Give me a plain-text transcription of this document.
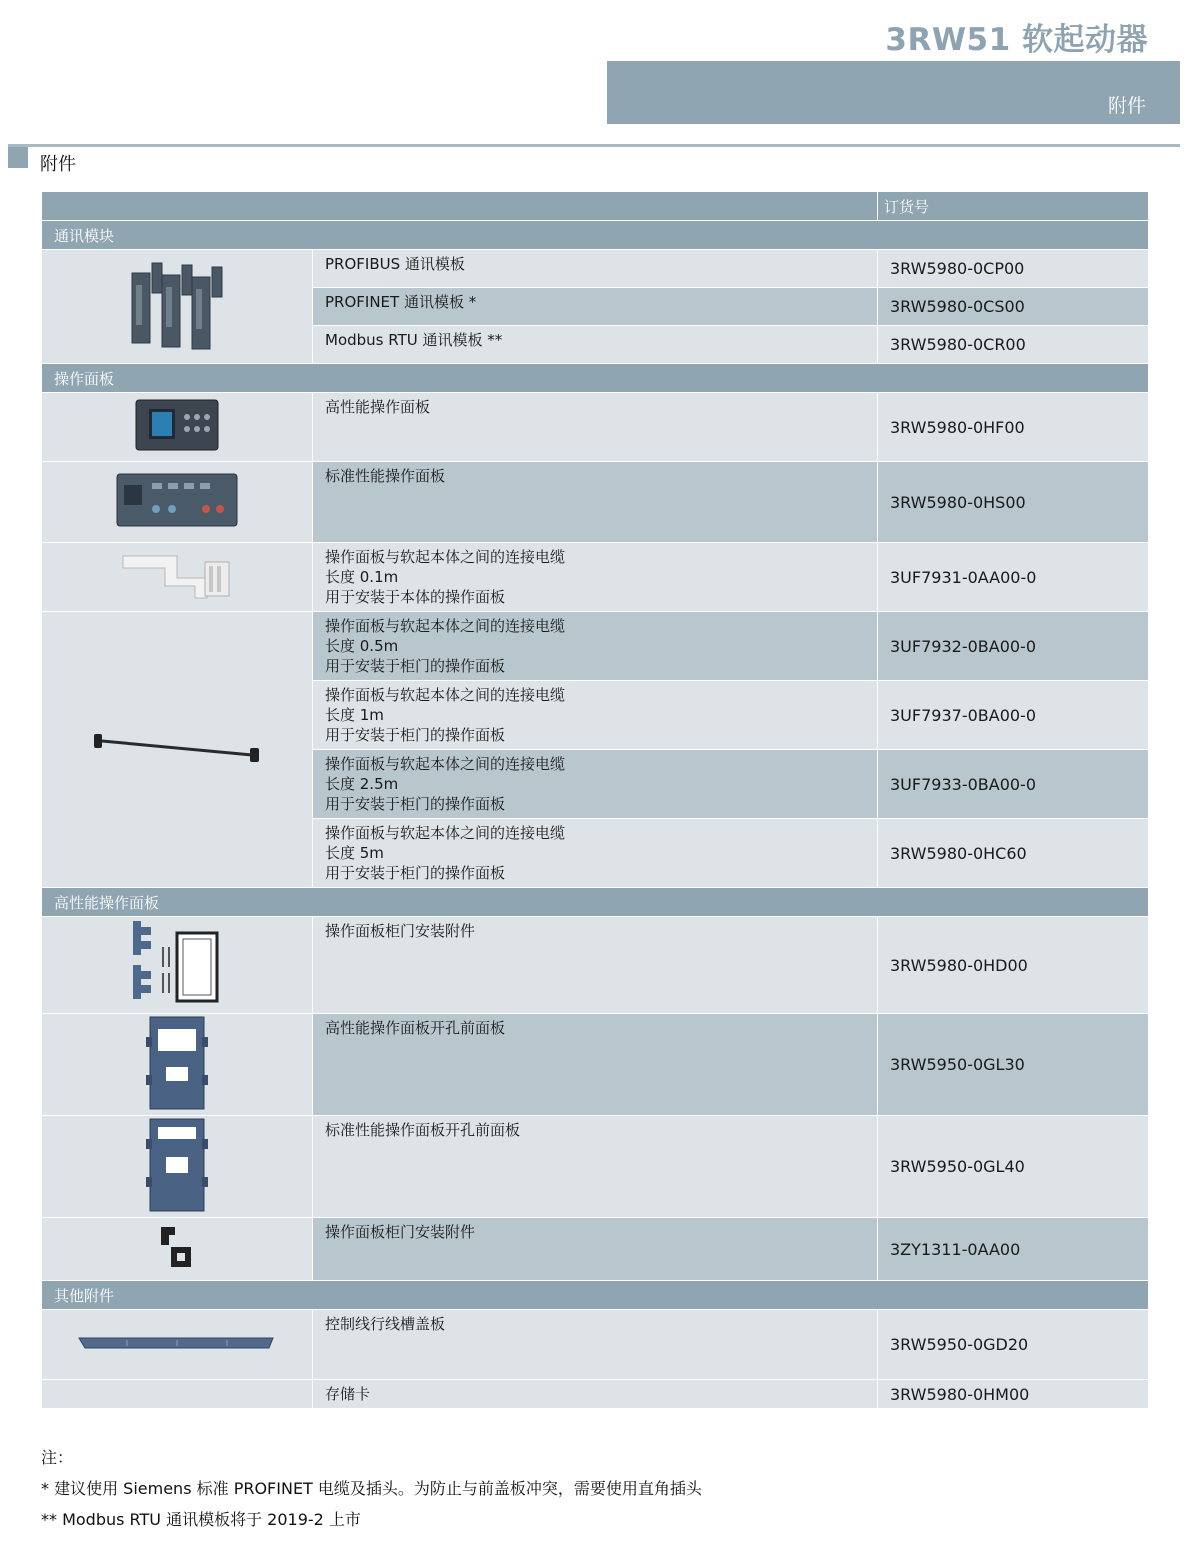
3RW51 软起动器
附件
附件
		订货号
通讯模块		

PROFIBUS 通讯模板	3RW5980-0CP00

	PROFINET 通讯模板 *	3RW5980-0CS00

	Modbus RTU 通讯模板 **	3RW5980-0CR00
操作面板		

高性能操作面板	3RW5980-0HF00

标准性能操作面板	3RW5980-0HS00

操作面板与软起本体之间的连接电缆
长度 0.1m
用于安装于本体的操作面板	3UF7931-0AA00-0

操作面板与软起本体之间的连接电缆
长度 0.5m
用于安装于柜门的操作面板	3UF7932-0BA00-0

	操作面板与软起本体之间的连接电缆
长度 1m
用于安装于柜门的操作面板	3UF7937-0BA00-0

	操作面板与软起本体之间的连接电缆
长度 2.5m
用于安装于柜门的操作面板	3UF7933-0BA00-0

	操作面板与软起本体之间的连接电缆
长度 5m
用于安装于柜门的操作面板	3RW5980-0HC60
高性能操作面板		

操作面板柜门安装附件	3RW5980-0HD00

高性能操作面板开孔前面板	3RW5950-0GL30

标准性能操作面板开孔前面板	3RW5950-0GL40

操作面板柜门安装附件	3ZY1311-0AA00
其他附件		

控制线行线槽盖板	3RW5950-0GD20

	存储卡	3RW5980-0HM00
注：
* 建议使用 Siemens 标准 PROFINET 电缆及插头。为防止与前盖板冲突，需要使用直角插头
** Modbus RTU 通讯模板将于 2019-2 上市
